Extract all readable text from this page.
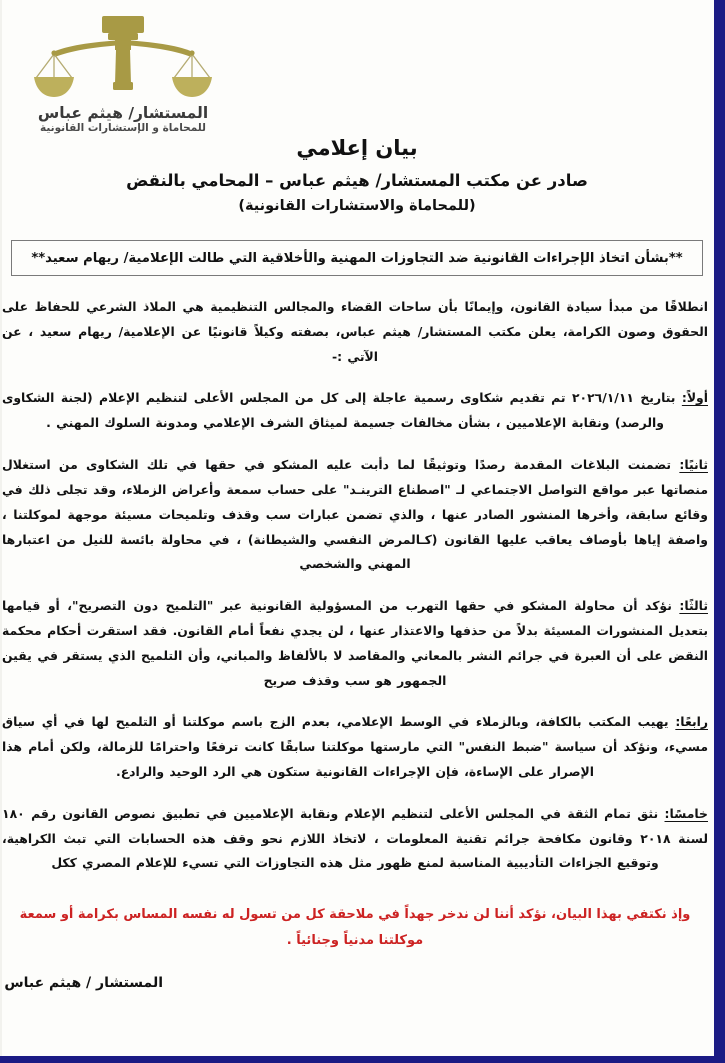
المستشار/ هيثم عباس
للمحاماة و الإستشارات القانونية
بيان إعلامي
صادر عن مكتب المستشار/ هيثم عباس – المحامي بالنقض
(للمحاماة والاستشارات القانونية)
**بشأن اتخاذ الإجراءات القانونية ضد التجاوزات المهنية والأخلاقية التي طالت الإعلامية/ ريهام سعيد**

انطلاقًا من مبدأ سيادة القانون، وإيمانًا بأن ساحات القضاء والمجالس التنظيمية هي الملاذ الشرعي للحفاظ على الحقوق وصون الكرامة، يعلن مكتب المستشار/ هيثم عباس، بصفته وكيلاً قانونيًا عن الإعلامية/ ريهام سعيد ، عن الآتي :-

أولاً: بتاريخ ٢٠٢٦/١/١١ تم تقديم شكاوى رسمية عاجلة إلى كل من المجلس الأعلى لتنظيم الإعلام (لجنة الشكاوى والرصد) ونقابة الإعلاميين ، بشأن مخالفات جسيمة لميثاق الشرف الإعلامي ومدونة السلوك المهني .

ثانيًا: تضمنت البلاغات المقدمة رصدًا وتوثيقًا لما دأبت عليه المشكو في حقها في تلك الشكاوى من استغلال منصاتها عبر مواقع التواصل الاجتماعي لـ "اصطناع الترينـد" على حساب سمعة وأعراض الزملاء، وقد تجلى ذلك في وقائع سابقة، وأخرها المنشور الصادر عنها ، والذي تضمن عبارات سب وقذف وتلميحات مسيئة موجهة لموكلتنا ، واصفة إياها بأوصاف يعاقب عليها القانون (كـالمرض النفسي والشيطانة) ، في محاولة بائسة للنيل من اعتبارها المهني والشخصي

ثالثًا: نؤكد أن محاولة المشكو في حقها التهرب من المسؤولية القانونية عبر "التلميح دون التصريح"، أو قيامها بتعديل المنشورات المسيئة بدلاً من حذفها والاعتذار عنها ، لن يجدي نفعاً أمام القانون. فقد استقرت أحكام محكمة النقض على أن العبرة في جرائم النشر بالمعاني والمقاصد لا بالألفاظ والمباني، وأن التلميح الذي يستقر في يقين الجمهور هو سب وقذف صريح

رابعًا: يهيب المكتب بالكافة، وبالزملاء في الوسط الإعلامي، بعدم الزج باسم موكلتنا أو التلميح لها في أي سياق مسيء، ونؤكد أن سياسة "ضبط النفس" التي مارستها موكلتنا سابقًا كانت ترفعًا واحترامًا للزمالة، ولكن أمام هذا الإصرار على الإساءة، فإن الإجراءات القانونية ستكون هي الرد الوحيد والرادع.

خامسًا: نثق تمام الثقة في المجلس الأعلى لتنظيم الإعلام ونقابة الإعلاميين في تطبيق نصوص القانون رقم ١٨٠ لسنة ٢٠١٨ وقانون مكافحة جرائم تقنية المعلومات ، لاتخاذ اللازم نحو وقف هذه الحسابات التي تبث الكراهية، وتوقيع الجزاءات التأديبية المناسبة لمنع ظهور مثل هذه التجاوزات التي تسيء للإعلام المصري ككل

وإذ نكتفي بهذا البيان، نؤكد أننا لن ندخر جهداً في ملاحقة كل من تسول له نفسه المساس بكرامة أو سمعة موكلتنا مدنياً وجنائياً .

المستشار / هيثم عباس
